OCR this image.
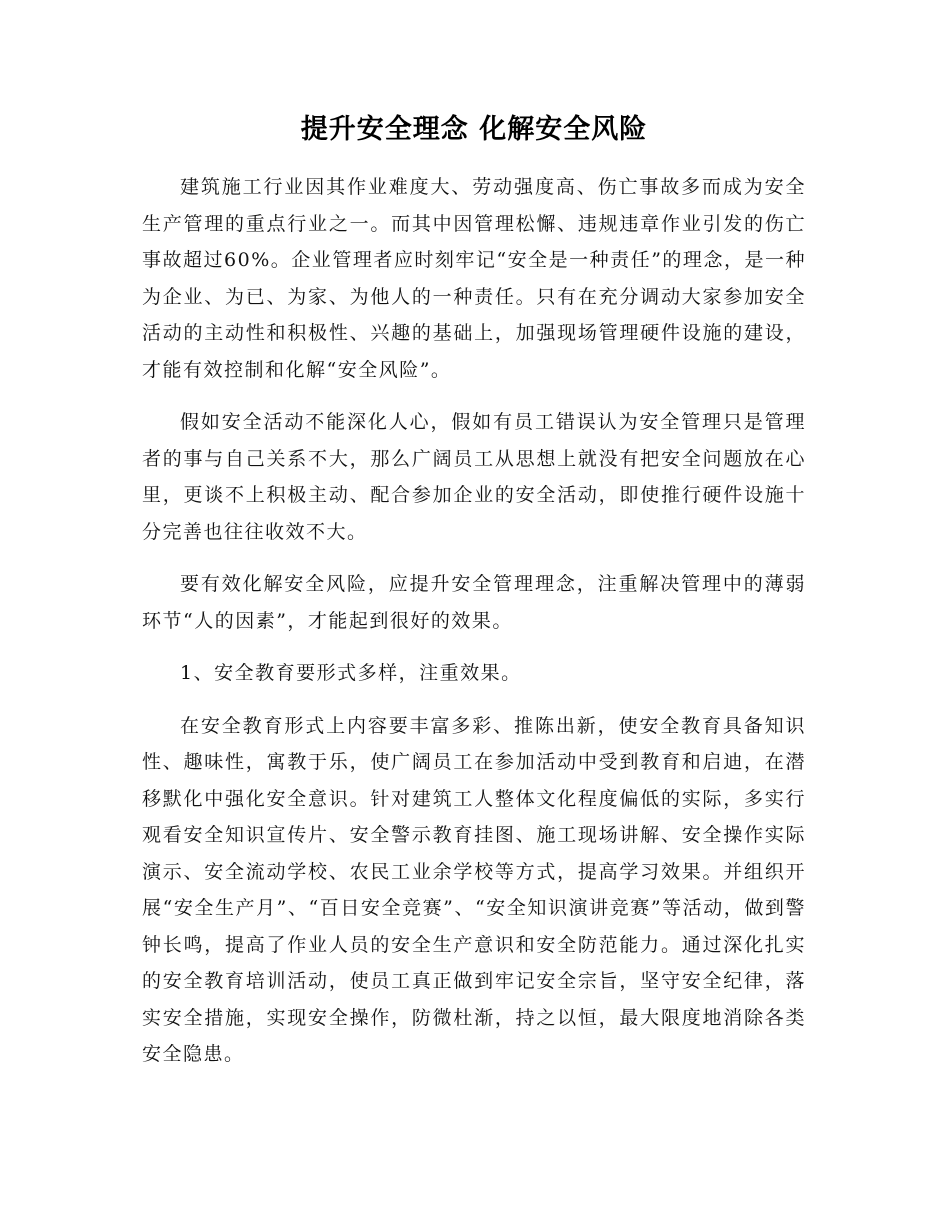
提升安全理念 化解安全风险

建筑施工行业因其作业难度大、劳动强度高、伤亡事故多而成为安全生产管理的重点行业之一。而其中因管理松懈、违规违章作业引发的伤亡事故超过60%。企业管理者应时刻牢记“安全是一种责任”的理念，是一种为企业、为已、为家、为他人的一种责任。只有在充分调动大家参加安全活动的主动性和积极性、兴趣的基础上，加强现场管理硬件设施的建设，才能有效控制和化解“安全风险”。

假如安全活动不能深化人心，假如有员工错误认为安全管理只是管理者的事与自己关系不大，那么广阔员工从思想上就没有把安全问题放在心里，更谈不上积极主动、配合参加企业的安全活动，即使推行硬件设施十分完善也往往收效不大。

要有效化解安全风险，应提升安全管理理念，注重解决管理中的薄弱环节“人的因素”，才能起到很好的效果。

1、安全教育要形式多样，注重效果。

在安全教育形式上内容要丰富多彩、推陈出新，使安全教育具备知识性、趣味性，寓教于乐，使广阔员工在参加活动中受到教育和启迪，在潜移默化中强化安全意识。针对建筑工人整体文化程度偏低的实际，多实行观看安全知识宣传片、安全警示教育挂图、施工现场讲解、安全操作实际演示、安全流动学校、农民工业余学校等方式，提高学习效果。并组织开展“安全生产月”、“百日安全竞赛”、“安全知识演讲竞赛”等活动，做到警钟长鸣，提高了作业人员的安全生产意识和安全防范能力。通过深化扎实的安全教育培训活动，使员工真正做到牢记安全宗旨，坚守安全纪律，落实安全措施，实现安全操作，防微杜渐，持之以恒，最大限度地消除各类安全隐患。
